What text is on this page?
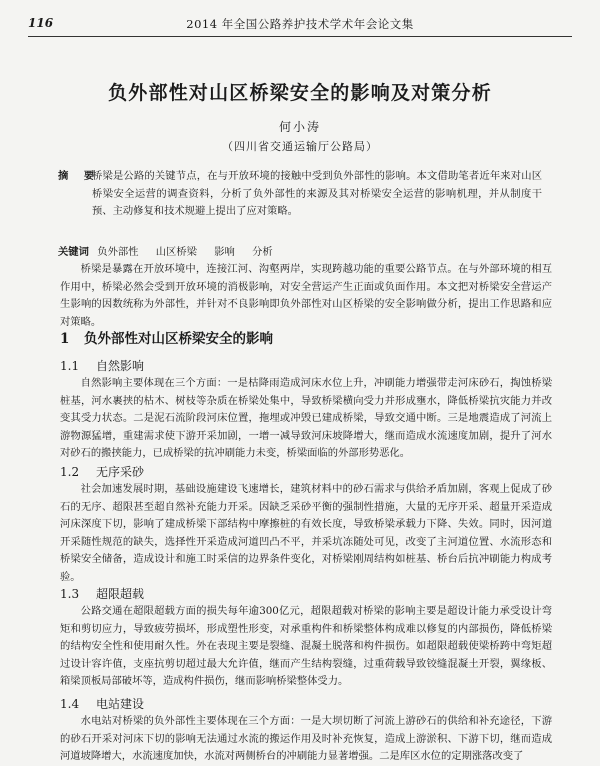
116	2014 年全国公路养护技术学术年会论文集
负外部性对山区桥梁安全的影响及对策分析
何小涛
（四川省交通运输厅公路局）
摘 要
桥梁是公路的关键节点，在与开放环境的接触中受到负外部性的影响。本文借助笔者近年来对山区桥梁安全运营的调查资料，分析了负外部性的来源及其对桥梁安全运营的影响机理，并从制度干预、主动修复和技术规避上提出了应对策略。
关键词 负外部性 山区桥梁 影响 分析

桥梁是暴露在开放环境中，连接江河、沟壑两岸，实现跨越功能的重要公路节点。在与外部环境的相互作用中，桥梁必然会受到开放环境的消极影响，对安全营运产生正面或负面作用。本文把对桥梁安全营运产生影响的因数统称为外部性，并针对不良影响即负外部性对山区桥梁的安全影响做分析，提出工作思路和应对策略。

1 负外部性对山区桥梁安全的影响
1.1 自然影响

自然影响主要体现在三个方面：一是枯降雨造成河床水位上升，冲刷能力增强带走河床砂石，掏蚀桥梁桩基，河水裹挟的枯木、树枝等杂质在桥梁处集中，导致桥梁横向受力并形成壅水，降低桥梁抗灾能力并改变其受力状态。二是泥石流阶段河床位置，拖埋或冲毁已建成桥梁，导致交通中断。三是地震造成了河流上游物源猛增，重建需求使下游开采加剧，一增一减导致河床坡降增大，继而造成水流速度加剧，提升了河水对砂石的搬挟能力，已成桥梁的抗冲刷能力未变，桥梁面临的外部形势恶化。

1.2 无序采砂

社会加速发展时期，基础设施建设飞速增长，建筑材料中的砂石需求与供给矛盾加剧，客观上促成了砂石的无序、超限甚至超自然补充能力开采。因缺乏采砂平衡的强制性措施，大量的无序开采、超量开采造成河床深度下切，影响了建成桥梁下部结构中摩擦桩的有效长度，导致桥梁承载力下降、失效。同时，因河道开采随性规范的缺失，选择性开采造成河道凹凸不平，并采坑冻随处可见，改变了主河道位置、水流形态和桥梁安全储备，造成设计和施工时采信的边界条件变化，对桥梁刚周结构如桩基、桥台后抗冲刷能力构成考验。

1.3 超限超载

公路交通在超限超载方面的损失每年逾300亿元，超限超载对桥梁的影响主要是超设计能力承受设计弯矩和剪切应力，导致疲劳损坏，形成塑性形变，对承重构件和桥梁整体构成难以修复的内部损伤，降低桥梁的结构安全性和使用耐久性。外在表现主要是裂缝、混凝土脱落和构件损伤。如超限超载使梁桥跨中弯矩超过设计容许值，支座抗剪切超过最大允许值，继而产生结构裂缝，过重荷载导致铰缝混凝土开裂，翼缘板、箱梁顶板局部破坏等，造成构件损伤，继而影响桥梁整体受力。

1.4 电站建设

水电站对桥梁的负外部性主要体现在三个方面：一是大坝切断了河流上游砂石的供给和补充途径，下游的砂石开采对河床下切的影响无法通过水流的搬运作用及时补充恢复，造成上游淤积、下游下切，继而造成河道坡降增大，水流速度加快，水流对两侧桥台的冲刷能力显著增强。二是库区水位的定期涨落改变了
